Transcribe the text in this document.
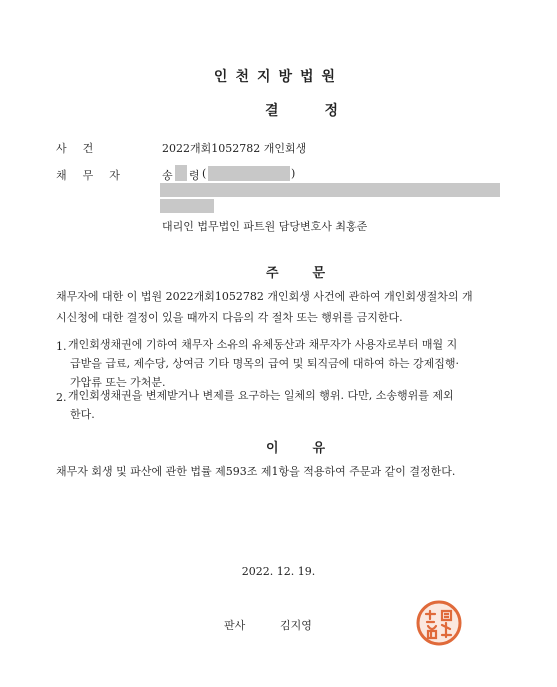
인천지방법원
결정
사건	2022개회1052782 개인회생
채무자 송 령 (	)
대리인 법무법인 파트원 담당변호사 최홍준
주문

채무자에 대한 이 법원 2022개회1052782 개인회생 사건에 관하여 개인회생절차의 개

시신청에 대한 결정이 있을 때까지 다음의 각 절차 또는 행위를 금지한다.

1. 개인회생채권에 기하여 채무자 소유의 유체동산과 채무자가 사용자로부터 매월 지

급받을 급료, 제수당, 상여금 기타 명목의 급여 및 퇴직금에 대하여 하는 강제집행·

가압류 또는 가처분.

2. 개인회생채권을 변제받거나 변제를 요구하는 일체의 행위. 다만, 소송행위를 제외

한다.

이유
채무자 회생 및 파산에 관한 법률 제593조 제1항을 적용하여 주문과 같이 결정한다.
2022. 12. 19.
판사	김지영
